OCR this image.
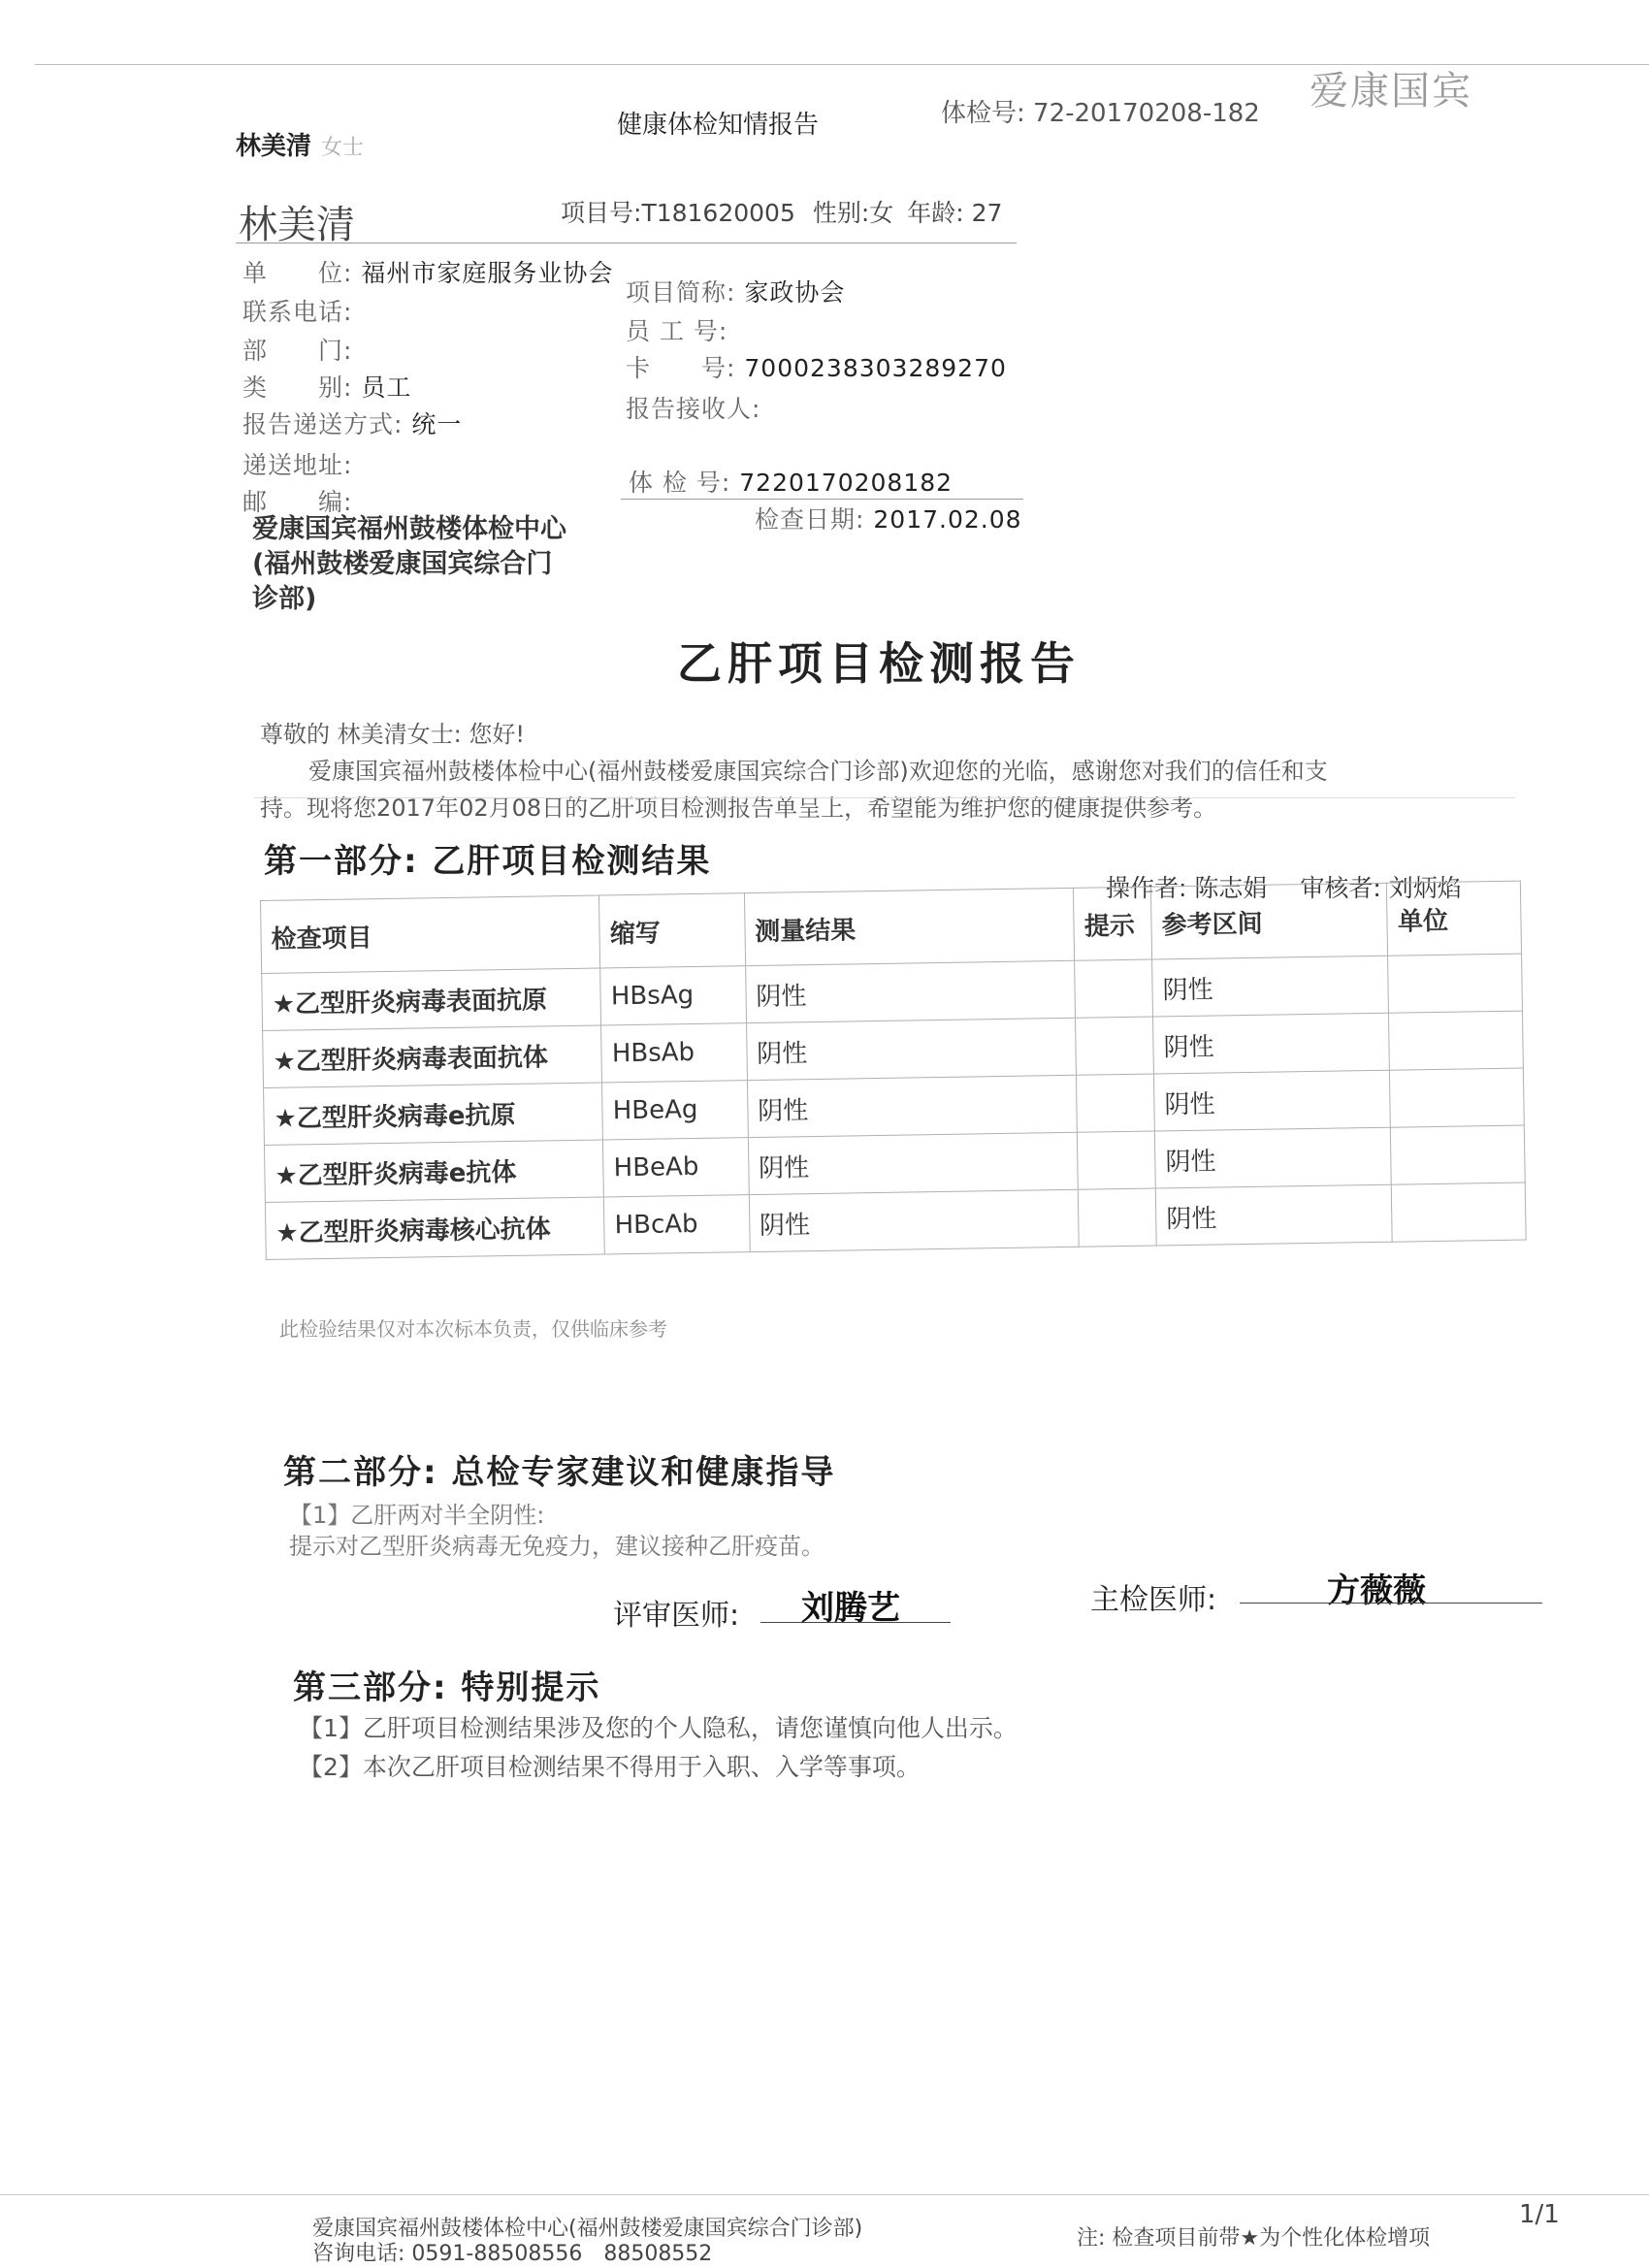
林美清 女士
健康体检知情报告	体检号: 72-20170208-182 爱康国宾
林美清	项目号:T181620005 性别:女 年龄: 27
单　　位: 福州市家庭服务业协会
联系电话:
部　　门:
类　　别: 员工
报告递送方式: 统一
递送地址:
邮　　编:
项目简称: 家政协会
员 工 号:
卡　　号: 7000238303289270
报告接收人:
体 检 号: 7220170208182
检查日期: 2017.02.08
爱康国宾福州鼓楼体检中心
(福州鼓楼爱康国宾综合门
诊部)
乙肝项目检测报告
尊敬的 林美清女士: 您好!
爱康国宾福州鼓楼体检中心(福州鼓楼爱康国宾综合门诊部)欢迎您的光临，感谢您对我们的信任和支
持。现将您2017年02月08日的乙肝项目检测报告单呈上，希望能为维护您的健康提供参考。
第一部分: 乙肝项目检测结果
操作者: 陈志娟 审核者: 刘炳焰
检查项目	缩写	测量结果	提示	参考区间	单位
★乙型肝炎病毒表面抗原	HBsAg	阴性		阴性	
★乙型肝炎病毒表面抗体	HBsAb	阴性		阴性	
★乙型肝炎病毒e抗原	HBeAg	阴性		阴性	
★乙型肝炎病毒e抗体	HBeAb	阴性		阴性	
★乙型肝炎病毒核心抗体	HBcAb	阴性		阴性	
此检验结果仅对本次标本负责，仅供临床参考
第二部分: 总检专家建议和健康指导
【1】乙肝两对半全阴性:
提示对乙型肝炎病毒无免疫力，建议接种乙肝疫苗。
评审医师: 刘腾艺	主检医师:	方薇薇
第三部分: 特别提示
【1】乙肝项目检测结果涉及您的个人隐私，请您谨慎向他人出示。
【2】本次乙肝项目检测结果不得用于入职、入学等事项。
爱康国宾福州鼓楼体检中心(福州鼓楼爱康国宾综合门诊部)
咨询电话: 0591-88508556　88508552
注: 检查项目前带★为个性化体检增项
1/1
